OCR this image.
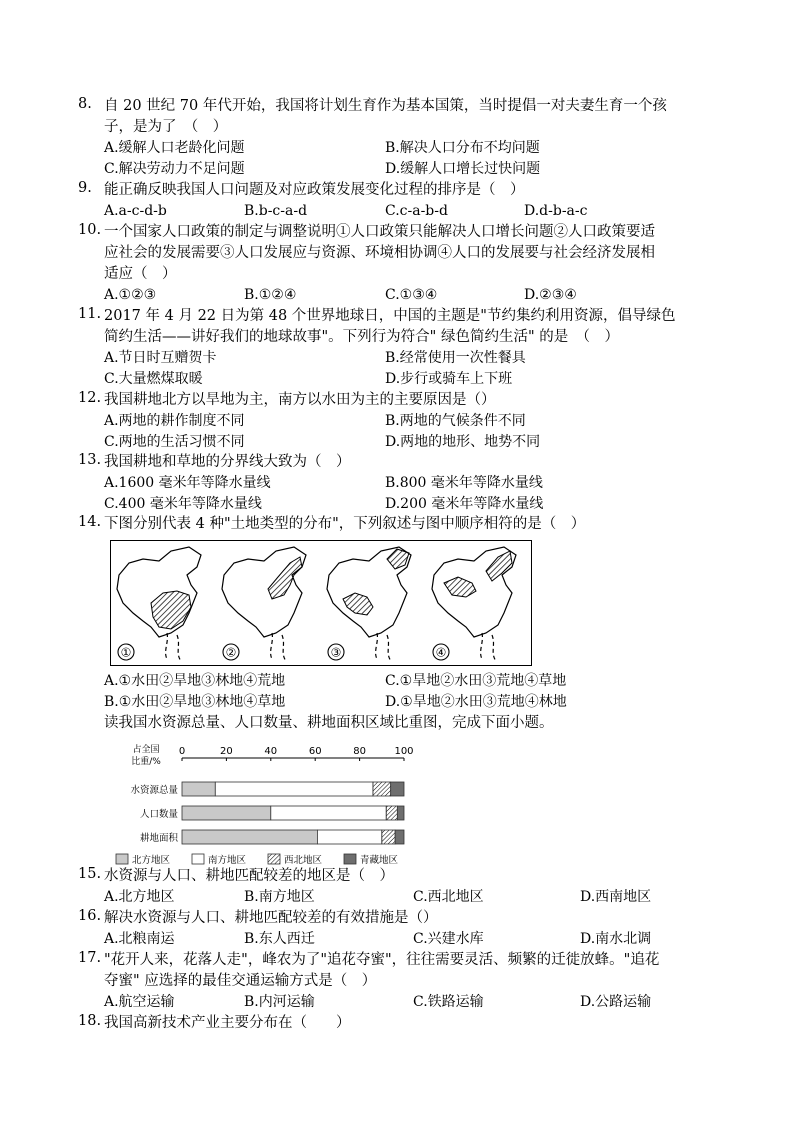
8. 自 20 世纪 70 年代开始，我国将计划生育作为基本国策，当时提倡一对夫妻生育一个孩
子，是为了　（　）
A.缓解人口老龄化问题	B.解决人口分布不均问题
C.解决劳动力不足问题	D.缓解人口增长过快问题
9. 能正确反映我国人口问题及对应政策发展变化过程的排序是（　）
A.a-c-d-b	B.b-c-a-d	C.c-a-b-d	D.d-b-a-c
10. 一个国家人口政策的制定与调整说明①人口政策只能解决人口增长问题②人口政策要适
应社会的发展需要③人口发展应与资源、环境相协调④人口的发展要与社会经济发展相
适应（　）
A.①②③	B.①②④	C.①③④	D.②③④
11. 2017 年 4 月 22 日为第 48 个世界地球日，中国的主题是"节约集约利用资源，倡导绿色
简约生活——讲好我们的地球故事"。下列行为符合" 绿色简约生活" 的是　（　）
A.节日时互赠贺卡	B.经常使用一次性餐具
C.大量燃煤取暖	D.步行或骑车上下班
12. 我国耕地北方以旱地为主，南方以水田为主的主要原因是（）
A.两地的耕作制度不同	B.两地的气候条件不同
C.两地的生活习惯不同	D.两地的地形、地势不同
13. 我国耕地和草地的分界线大致为（　）
A.1600 毫米年等降水量线	B.800 毫米年等降水量线
C.400 毫米年等降水量线	D.200 毫米年等降水量线
14. 下图分别代表 4 种"土地类型的分布"，下列叙述与图中顺序相符的是（　）
①	②	③	④
A.①水田②旱地③林地④荒地	C.①旱地②水田③荒地④草地
B.①水田②旱地③林地④草地	D.①旱地②水田③荒地④林地
读我国水资源总量、人口数量、耕地面积区域比重图，完成下面小题。
占全国
比重/%
0	20	40	60	80	100
水资源总量
人口数量
耕地面积
北方地区	南方地区	西北地区	青藏地区
15. 水资源与人口、耕地匹配较差的地区是（　）
A.北方地区	B.南方地区	C.西北地区	D.西南地区
16. 解决水资源与人口、耕地匹配较差的有效措施是（）
A.北粮南运	B.东人西迁	C.兴建水库	D.南水北调
17. "花开人来，花落人走"，峰农为了"追花夺蜜"，往往需要灵活、频繁的迁徙放蜂。"追花
夺蜜" 应选择的最佳交通运输方式是（　）
A.航空运输	B.内河运输	C.铁路运输	D.公路运输
18. 我国高新技术产业主要分布在（　　）
